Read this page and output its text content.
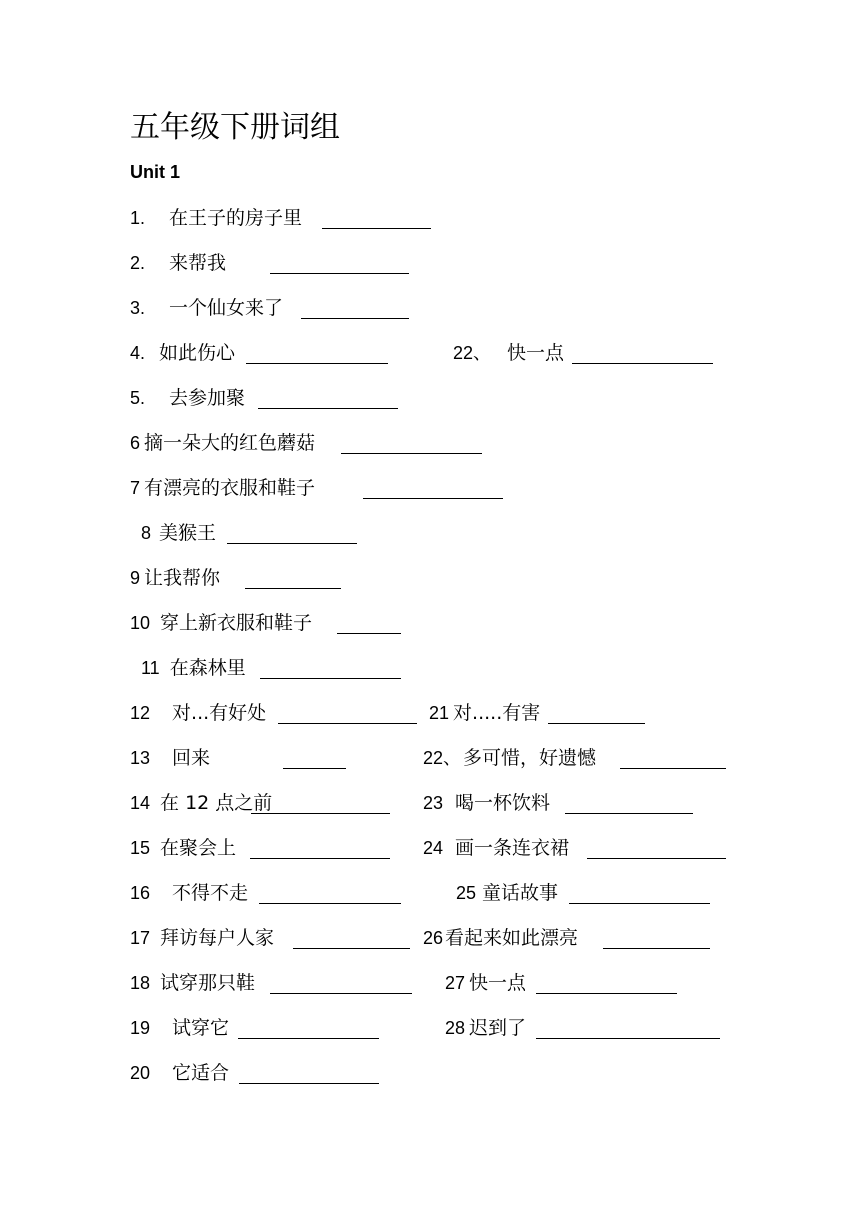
五年级下册词组
Unit 1
1. 在王子的房子里
2. 来帮我
3. 一个仙女来了
4. 如此伤心	22、 快一点
5. 去参加聚
6 摘一朵大的红色蘑菇
7 有漂亮的衣服和鞋子
8 美猴王
9 让我帮你
10 穿上新衣服和鞋子
11 在森林里
12 对...有好处	21 对.....有害
13 回来	22、 多可惜，好遗憾
14 在 12 点之前	23 喝一杯饮料
15 在聚会上	24 画一条连衣裙
16 不得不走	25 童话故事
17 拜访每户人家	26 看起来如此漂亮
18 试穿那只鞋	27 快一点
19 试穿它	28 迟到了
20 它适合
